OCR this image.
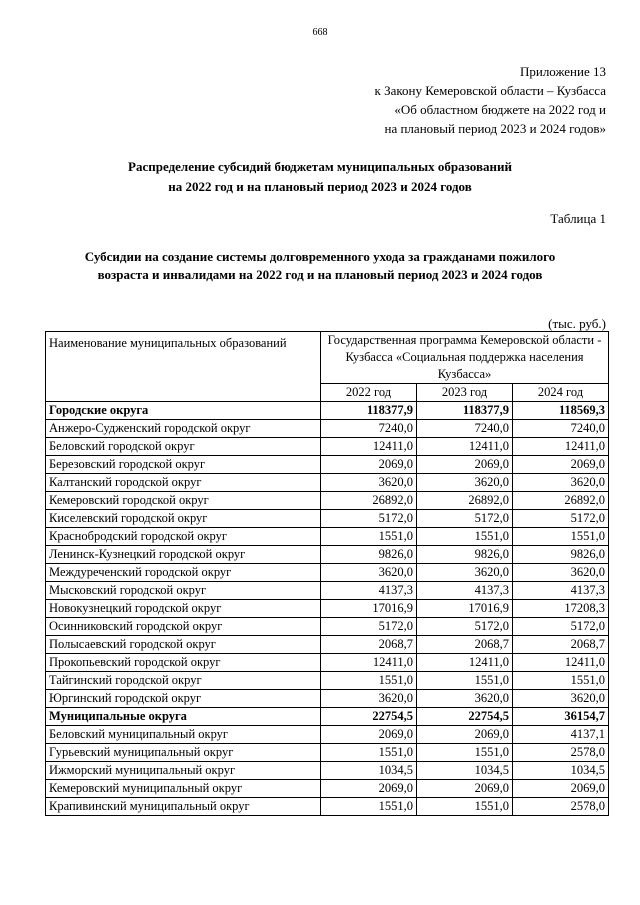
668
Приложение 13
к Закону Кемеровской области – Кузбасса
«Об областном бюджете на 2022 год и
на плановый период 2023 и 2024 годов»
Распределение субсидий бюджетам муниципальных образований
на 2022 год и на плановый период 2023 и 2024 годов
Таблица 1
Субсидии на создание системы долговременного ухода за гражданами пожилого
возраста и инвалидами на 2022 год и на плановый период 2023 и 2024 годов
(тыс. руб.)
Наименование муниципальных образований	Государственная программа Кемеровской области - Кузбасса «Социальная поддержка населения Кузбасса»		
	2022 год	2023 год	2024 год
Городские округа	118377,9	118377,9	118569,3
Анжеро-Судженский городской округ	7240,0	7240,0	7240,0
Беловский городской округ	12411,0	12411,0	12411,0
Березовский городской округ	2069,0	2069,0	2069,0
Калтанский городской округ	3620,0	3620,0	3620,0
Кемеровский городской округ	26892,0	26892,0	26892,0
Киселевский городской округ	5172,0	5172,0	5172,0
Краснобродский городской округ	1551,0	1551,0	1551,0
Ленинск-Кузнецкий городской округ	9826,0	9826,0	9826,0
Междуреченский городской округ	3620,0	3620,0	3620,0
Мысковский городской округ	4137,3	4137,3	4137,3
Новокузнецкий городской округ	17016,9	17016,9	17208,3
Осинниковский городской округ	5172,0	5172,0	5172,0
Полысаевский городской округ	2068,7	2068,7	2068,7
Прокопьевский городской округ	12411,0	12411,0	12411,0
Тайгинский городской округ	1551,0	1551,0	1551,0
Юргинский городской округ	3620,0	3620,0	3620,0
Муниципальные округа	22754,5	22754,5	36154,7
Беловский муниципальный округ	2069,0	2069,0	4137,1
Гурьевский муниципальный округ	1551,0	1551,0	2578,0
Ижморский муниципальный округ	1034,5	1034,5	1034,5
Кемеровский муниципальный округ	2069,0	2069,0	2069,0
Крапивинский муниципальный округ	1551,0	1551,0	2578,0
